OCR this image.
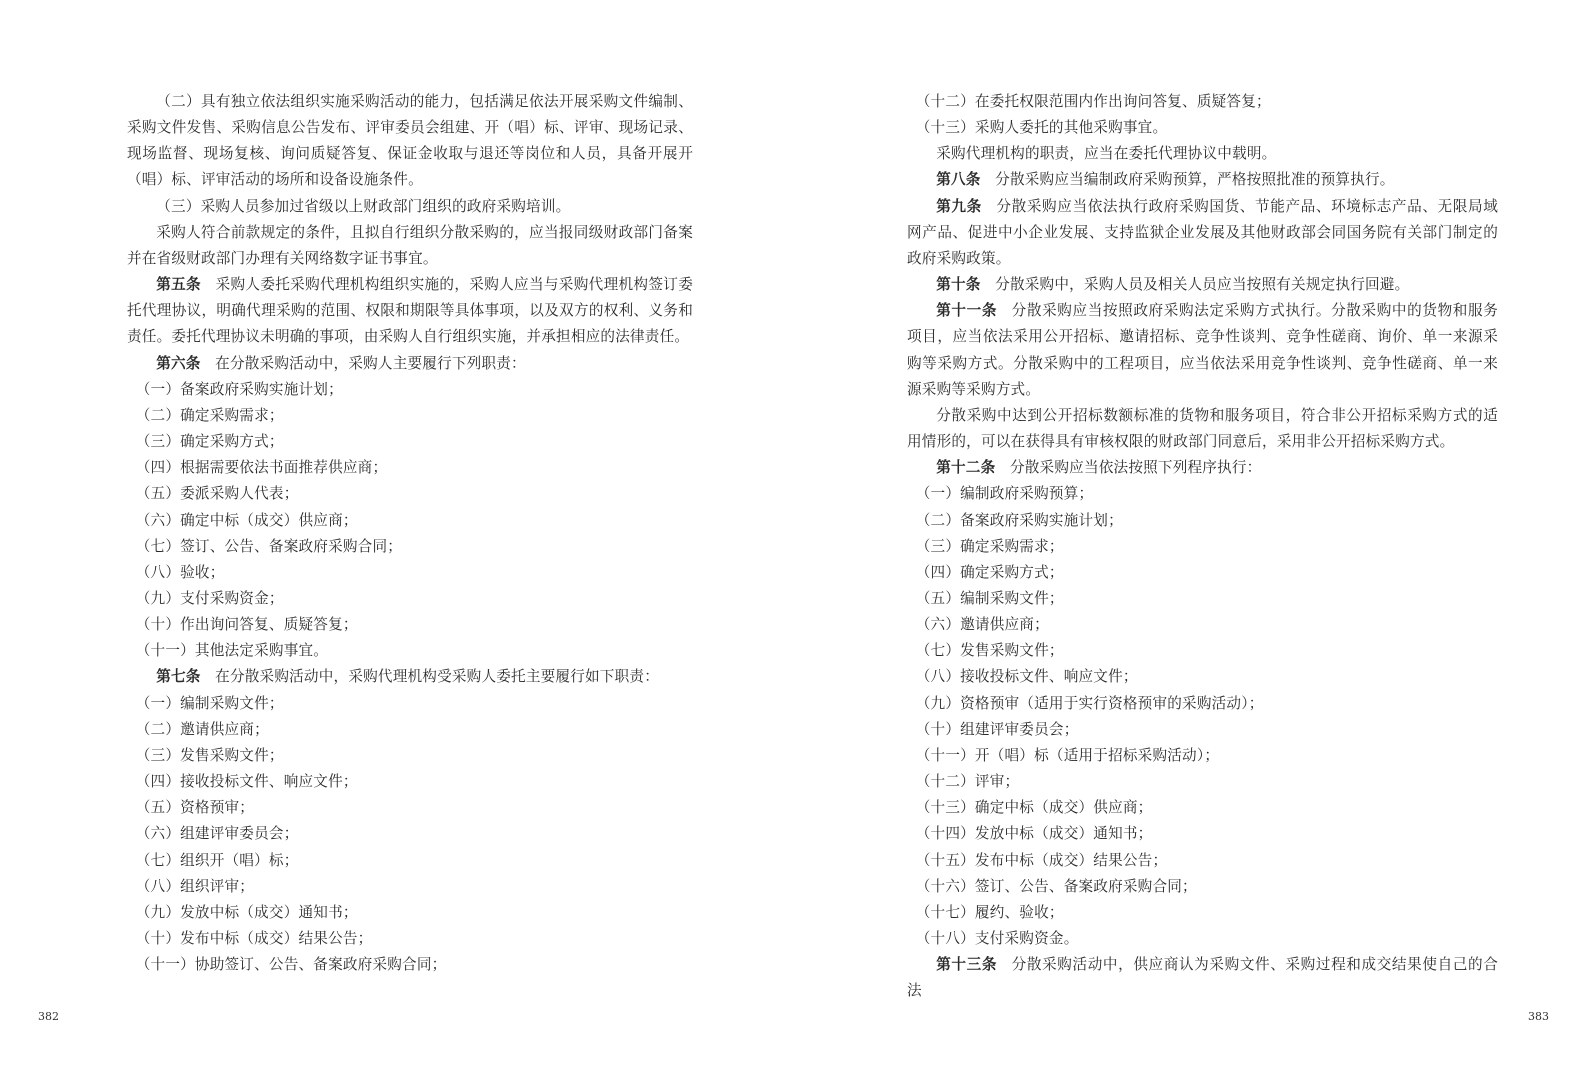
（二）具有独立依法组织实施采购活动的能力，包括满足依法开展采购文件编制、采购文件发售、采购信息公告发布、评审委员会组建、开（唱）标、评审、现场记录、现场监督、现场复核、询问质疑答复、保证金收取与退还等岗位和人员，具备开展开（唱）标、评审活动的场所和设备设施条件。

（三）采购人员参加过省级以上财政部门组织的政府采购培训。

采购人符合前款规定的条件，且拟自行组织分散采购的，应当报同级财政部门备案并在省级财政部门办理有关网络数字证书事宜。

第五条 采购人委托采购代理机构组织实施的，采购人应当与采购代理机构签订委托代理协议，明确代理采购的范围、权限和期限等具体事项，以及双方的权利、义务和责任。委托代理协议未明确的事项，由采购人自行组织实施，并承担相应的法律责任。

第六条 在分散采购活动中，采购人主要履行下列职责：

（一）备案政府采购实施计划；

（二）确定采购需求；

（三）确定采购方式；

（四）根据需要依法书面推荐供应商；

（五）委派采购人代表；

（六）确定中标（成交）供应商；

（七）签订、公告、备案政府采购合同；

（八）验收；

（九）支付采购资金；

（十）作出询问答复、质疑答复；

（十一）其他法定采购事宜。

第七条 在分散采购活动中，采购代理机构受采购人委托主要履行如下职责：

（一）编制采购文件；

（二）邀请供应商；

（三）发售采购文件；

（四）接收投标文件、响应文件；

（五）资格预审；

（六）组建评审委员会；

（七）组织开（唱）标；

（八）组织评审；

（九）发放中标（成交）通知书；

（十）发布中标（成交）结果公告；

（十一）协助签订、公告、备案政府采购合同；

382

（十二）在委托权限范围内作出询问答复、质疑答复；

（十三）采购人委托的其他采购事宜。

采购代理机构的职责，应当在委托代理协议中载明。

第八条 分散采购应当编制政府采购预算，严格按照批准的预算执行。

第九条 分散采购应当依法执行政府采购国货、节能产品、环境标志产品、无限局域网产品、促进中小企业发展、支持监狱企业发展及其他财政部会同国务院有关部门制定的政府采购政策。

第十条 分散采购中，采购人员及相关人员应当按照有关规定执行回避。

第十一条 分散采购应当按照政府采购法定采购方式执行。分散采购中的货物和服务项目，应当依法采用公开招标、邀请招标、竞争性谈判、竞争性磋商、询价、单一来源采购等采购方式。分散采购中的工程项目，应当依法采用竞争性谈判、竞争性磋商、单一来源采购等采购方式。

分散采购中达到公开招标数额标准的货物和服务项目，符合非公开招标采购方式的适用情形的，可以在获得具有审核权限的财政部门同意后，采用非公开招标采购方式。

第十二条 分散采购应当依法按照下列程序执行：

（一）编制政府采购预算；

（二）备案政府采购实施计划；

（三）确定采购需求；

（四）确定采购方式；

（五）编制采购文件；

（六）邀请供应商；

（七）发售采购文件；

（八）接收投标文件、响应文件；

（九）资格预审（适用于实行资格预审的采购活动）；

（十）组建评审委员会；

（十一）开（唱）标（适用于招标采购活动）；

（十二）评审；

（十三）确定中标（成交）供应商；

（十四）发放中标（成交）通知书；

（十五）发布中标（成交）结果公告；

（十六）签订、公告、备案政府采购合同；

（十七）履约、验收；

（十八）支付采购资金。

第十三条 分散采购活动中，供应商认为采购文件、采购过程和成交结果使自己的合法

383
